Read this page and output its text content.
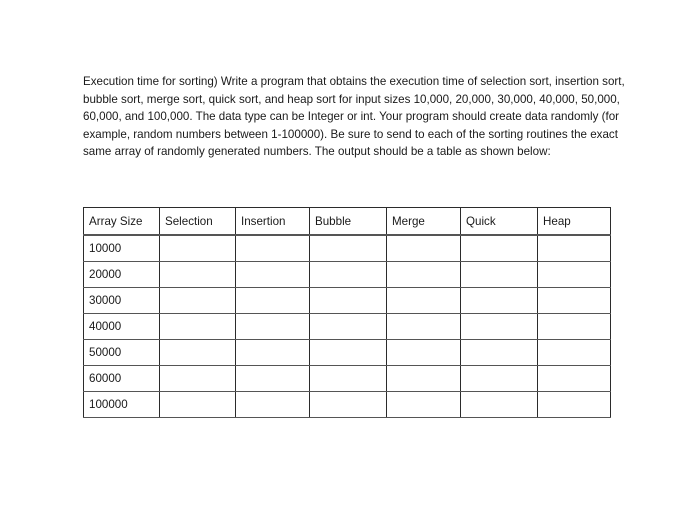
Execution time for sorting) Write a program that obtains the execution time of selection sort, insertion sort, bubble sort, merge sort, quick sort, and heap sort for input sizes 10,000, 20,000, 30,000, 40,000, 50,000, 60,000, and 100,000. The data type can be Integer or int. Your program should create data randomly (for example, random numbers between 1-100000). Be sure to send to each of the sorting routines the exact same array of randomly generated numbers. The output should be a table as shown below:

Array Size	Selection	Insertion	Bubble	Merge	Quick	Heap
10000						
20000						
30000						
40000						
50000						
60000						
100000						
